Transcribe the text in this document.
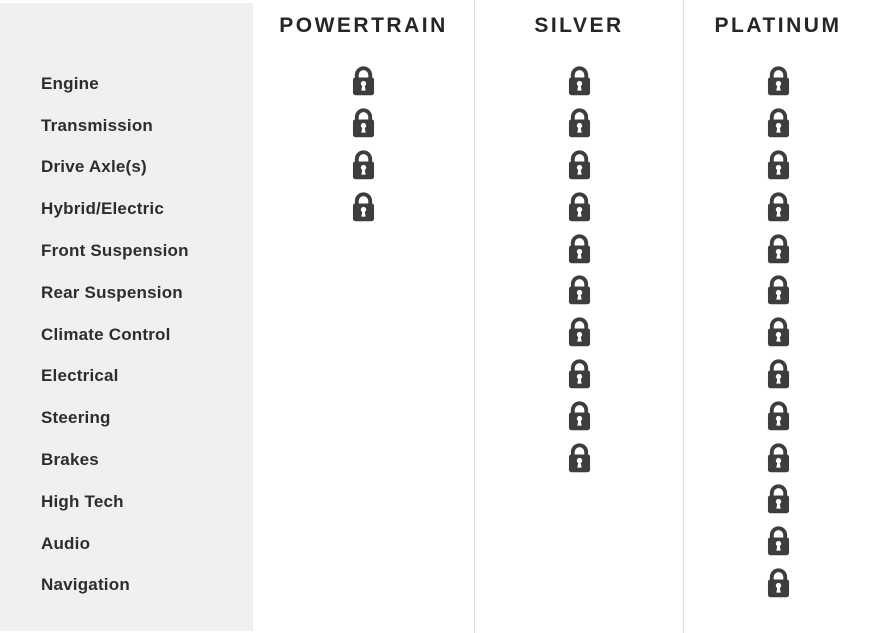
Engine
Transmission
Drive Axle(s)
Hybrid/Electric
Front Suspension
Rear Suspension
Climate Control
Electrical
Steering
Brakes
High Tech
Audio
Navigation
POWERTRAIN	SILVER	PLATINUM
